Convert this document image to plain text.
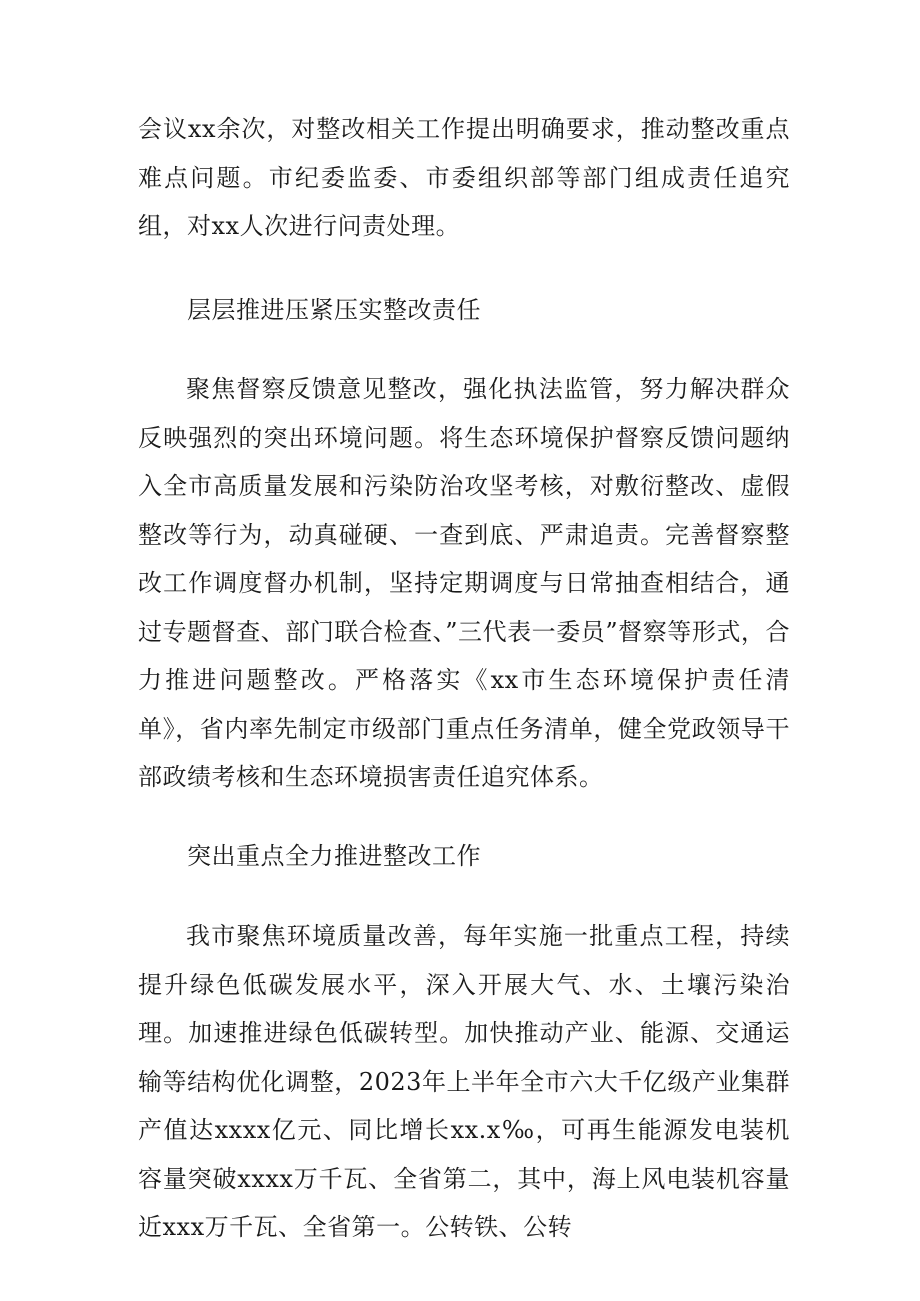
会议xx余次，对整改相关工作提出明确要求，推动整改重点难点问题。市纪委监委、市委组织部等部门组成责任追究组，对xx人次进行问责处理。

层层推进压紧压实整改责任

聚焦督察反馈意见整改，强化执法监管，努力解决群众反映强烈的突出环境问题。将生态环境保护督察反馈问题纳入全市高质量发展和污染防治攻坚考核，对敷衍整改、虚假整改等行为，动真碰硬、一查到底、严肃追责。完善督察整改工作调度督办机制，坚持定期调度与日常抽查相结合，通过专题督查、部门联合检查、”三代表一委员”督察等形式，合力推进问题整改。严格落实《xx市生态环境保护责任清单》，省内率先制定市级部门重点任务清单，健全党政领导干部政绩考核和生态环境损害责任追究体系。

突出重点全力推进整改工作

我市聚焦环境质量改善，每年实施一批重点工程，持续提升绿色低碳发展水平，深入开展大气、水、土壤污染治理。加速推进绿色低碳转型。加快推动产业、能源、交通运输等结构优化调整，2023年上半年全市六大千亿级产业集群产值达xxxx亿元、同比增长xx.x‰，可再生能源发电装机容量突破xxxx万千瓦、全省第二，其中，海上风电装机容量近xxx万千瓦、全省第一。公转铁、公转
